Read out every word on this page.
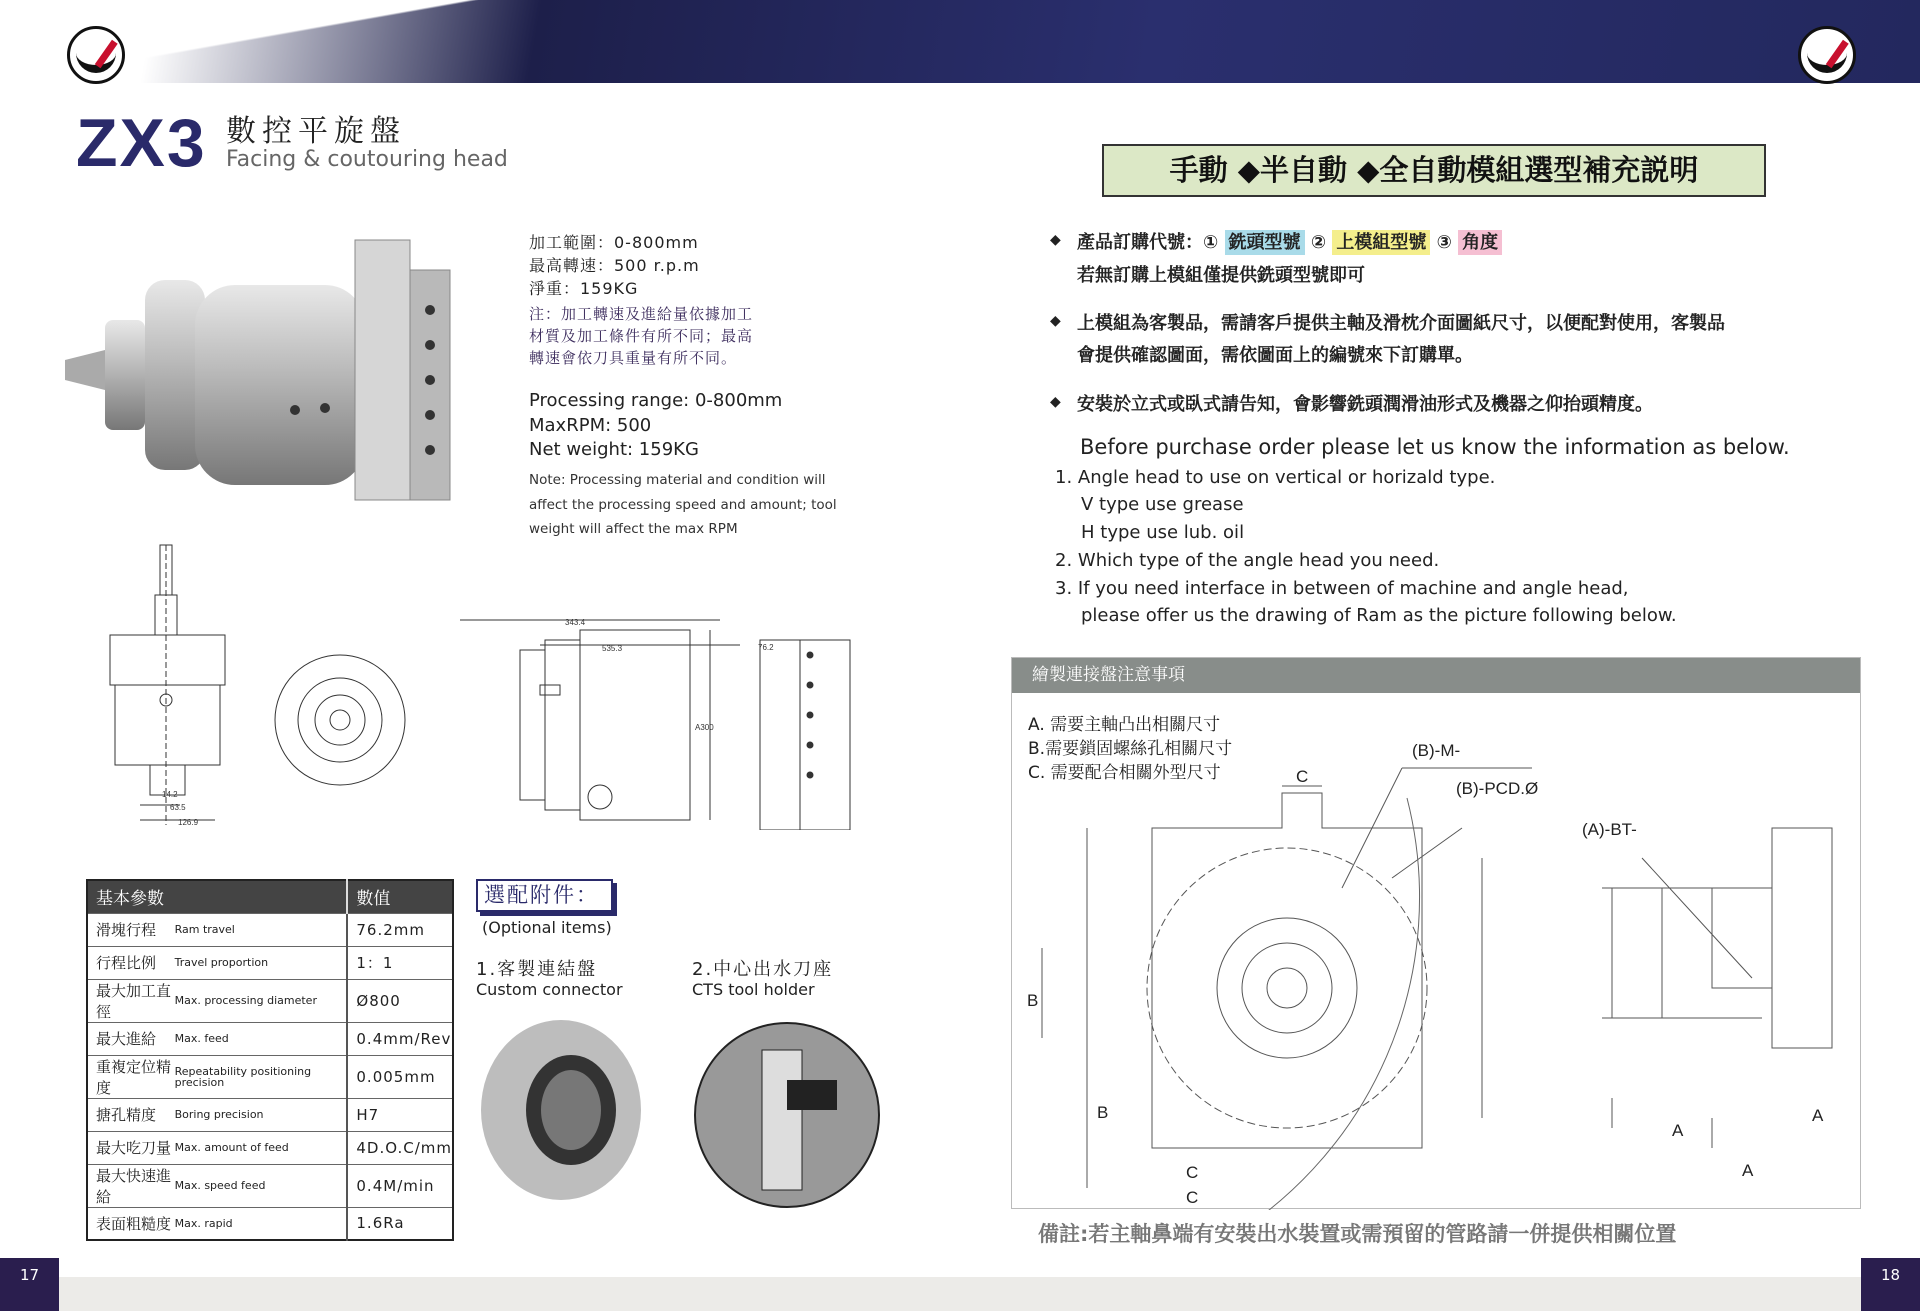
ZX3 數控平旋盤
Facing & coutouring head
加工範圍：0-800mm
最高轉速：500 r.p.m
淨重：159KG
注：加工轉速及進給量依據加工
材質及加工條件有所不同；最高
轉速會依刀具重量有所不同。
Processing range: 0-800mm
MaxRPM: 500
Net weight: 159KG
Note: Processing material and condition will
affect the processing speed and amount; tool
weight will affect the max RPM
343.4
535.3	76.2
A300
14.2
63.5
126.9
基本參數		數值
滑塊行程	Ram travel	76.2mm
行程比例	Travel proportion	1：1
最大加工直徑	Max. processing diameter	Ø800
最大進給	Max. feed	0.4mm/Rev
重複定位精度	Repeatability positioning precision	0.005mm
搪孔精度	Boring precision	H7
最大吃刀量	Max. amount of feed	4D.O.C/mm
最大快速進給	Max. speed feed	0.4M/min
表面粗糙度	Max. rapid	1.6Ra
選配附件：
(Optional items)
1.客製連結盤
Custom connector
2.中心出水刀座
CTS tool holder
手動 ◆半自動 ◆全自動模組選型補充説明
◆ 產品訂購代號：① 銑頭型號 ② 上模組型號 ③ 角度
若無訂購上模組僅提供銑頭型號即可
◆ 上模組為客製品，需請客戶提供主軸及滑枕介面圖紙尺寸，以便配對使用，客製品
會提供確認圖面，需依圖面上的編號來下訂購單。
◆ 安裝於立式或臥式請告知，會影響銑頭潤滑油形式及機器之仰抬頭精度。
Before purchase order please let us know the information as below.
1. Angle head to use on vertical or horizald type.
V type use grease
H type use lub. oil
2. Which type of the angle head you need.
3. If you need interface in between of machine and angle head,
please offer us the drawing of Ram as the picture following below.
繪製連接盤注意事項
A. 需要主軸凸出相關尺寸
B.需要鎖固螺絲孔相關尺寸
C. 需要配合相關外型尺寸	C
C
C
B
B
(B)-M-
(B)-PCD.Ø
(A)-BT-
A
A
A
備註:若主軸鼻端有安裝出水裝置或需預留的管路請一併提供相關位置
17	18
